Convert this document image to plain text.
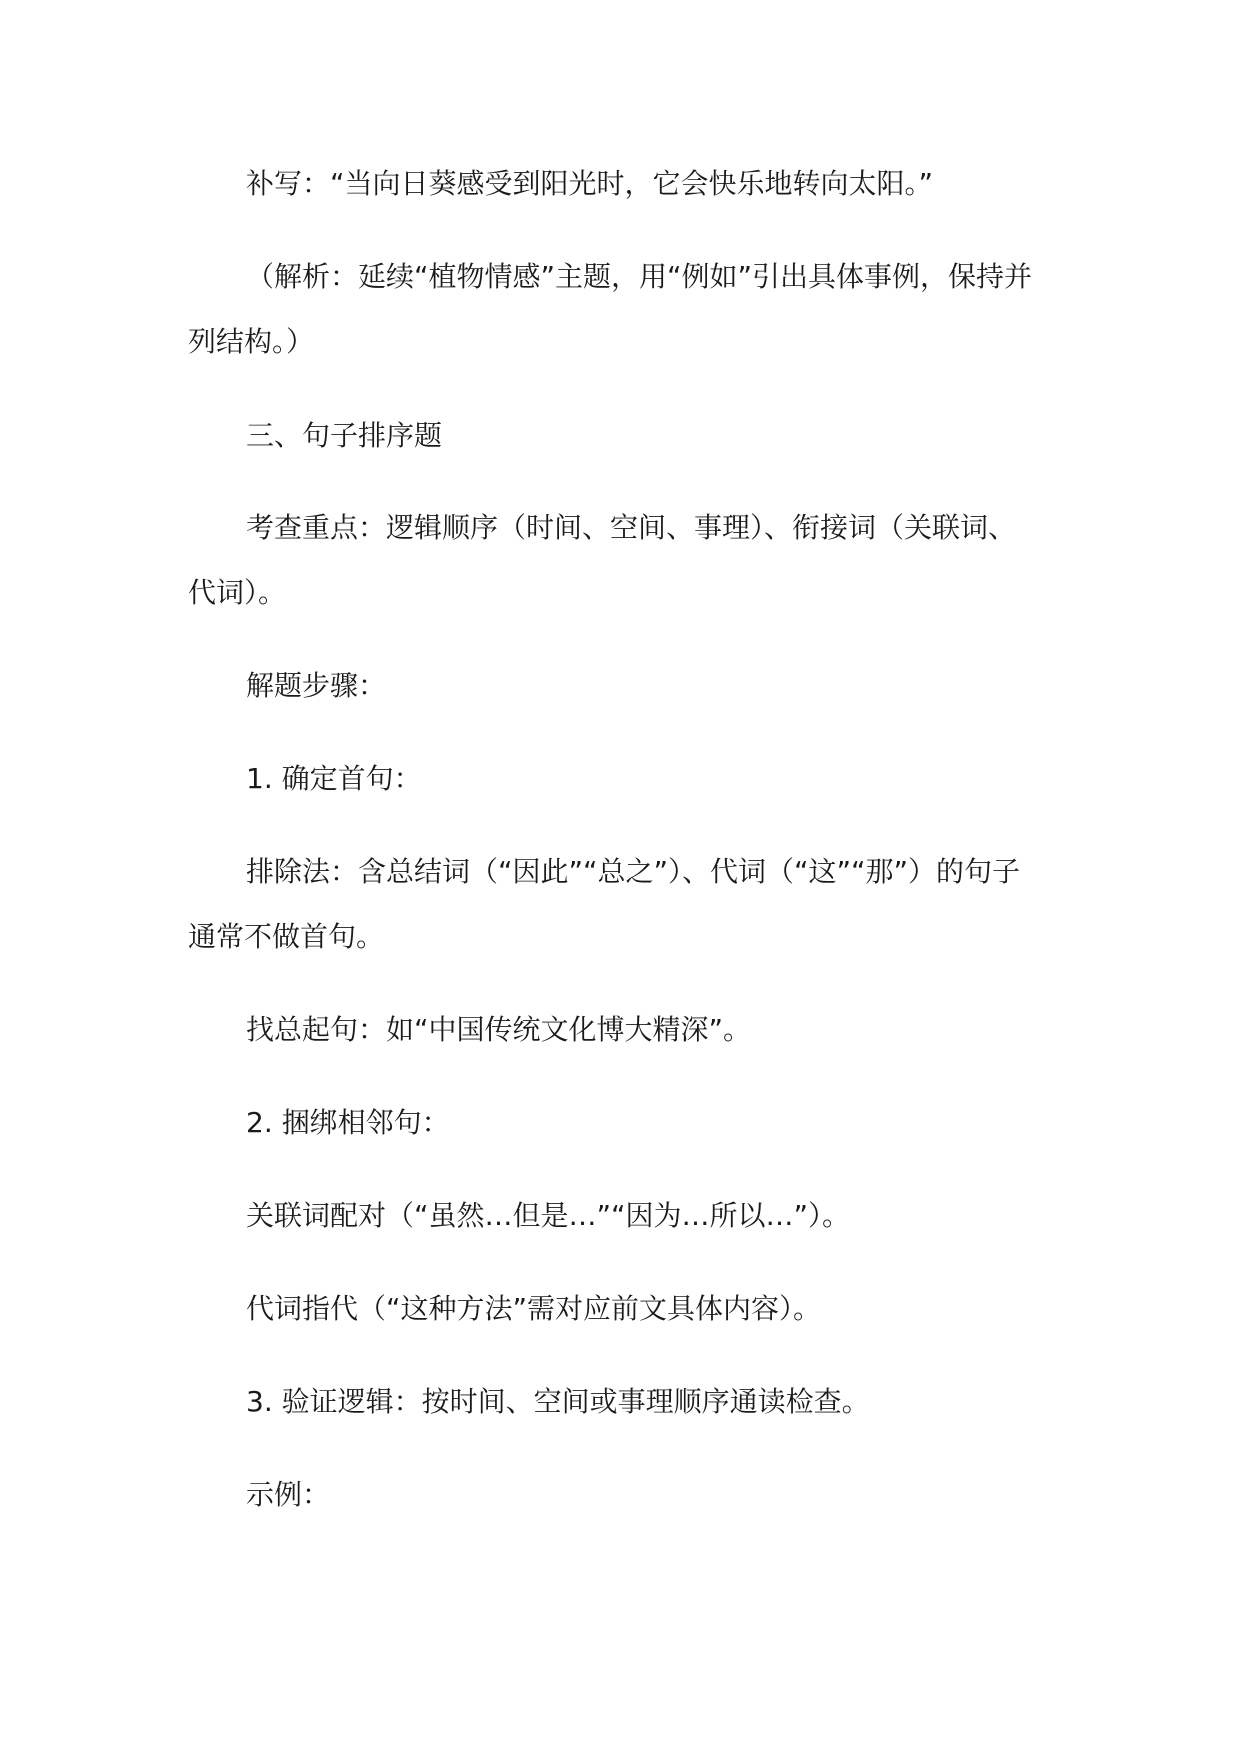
补写：“当向日葵感受到阳光时，它会快乐地转向太阳。”
（解析：延续“植物情感”主题，用“例如”引出具体事例，保持并
列结构。）
三、句子排序题
考查重点：逻辑顺序（时间、空间、事理）、衔接词（关联词、
代词）。
解题步骤：
1. 确定首句：
排除法：含总结词（“因此”“总之”）、代词（“这”“那”）的句子
通常不做首句。
找总起句：如“中国传统文化博大精深”。
2. 捆绑相邻句：
关联词配对（“虽然…但是…”“因为…所以…”）。
代词指代（“这种方法”需对应前文具体内容）。
3. 验证逻辑：按时间、空间或事理顺序通读检查。
示例：
